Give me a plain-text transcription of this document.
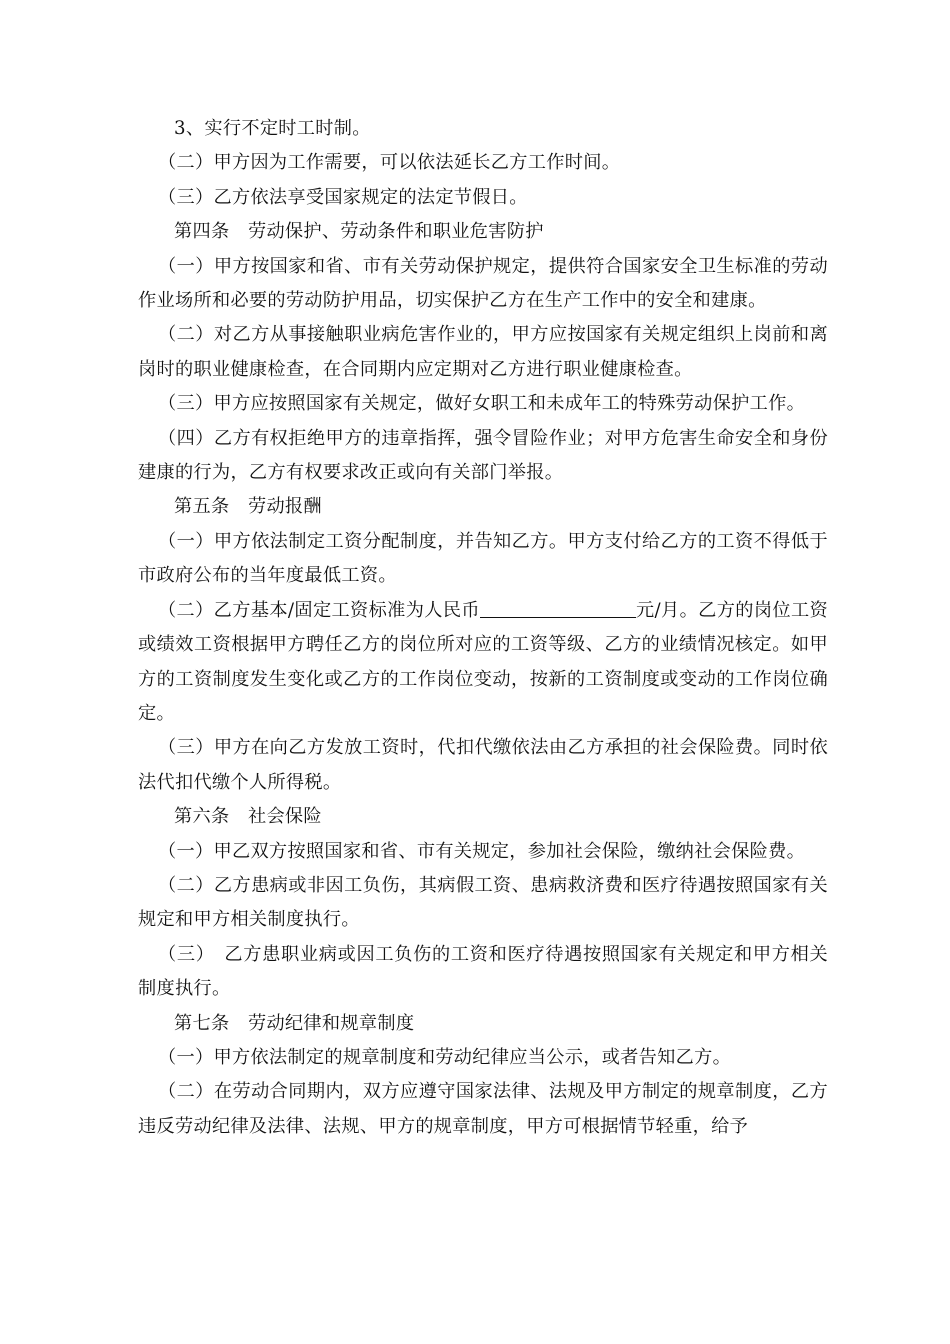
3、实行不定时工时制。

（二）甲方因为工作需要，可以依法延长乙方工作时间。

（三）乙方依法享受国家规定的法定节假日。

第四条　劳动保护、劳动条件和职业危害防护

（一）甲方按国家和省、市有关劳动保护规定，提供符合国家安全卫生标准的劳动作业场所和必要的劳动防护用品，切实保护乙方在生产工作中的安全和建康。

（二）对乙方从事接触职业病危害作业的，甲方应按国家有关规定组织上岗前和离岗时的职业健康检查，在合同期内应定期对乙方进行职业健康检查。

（三）甲方应按照国家有关规定，做好女职工和未成年工的特殊劳动保护工作。

（四）乙方有权拒绝甲方的违章指挥，强令冒险作业；对甲方危害生命安全和身份建康的行为，乙方有权要求改正或向有关部门举报。

第五条　劳动报酬

（一）甲方依法制定工资分配制度，并告知乙方。甲方支付给乙方的工资不得低于市政府公布的当年度最低工资。

（二）乙方基本/固定工资标准为人民币	元/月。乙方的岗位工资或绩效工资根据甲方聘任乙方的岗位所对应的工资等级、乙方的业绩情况核定。如甲方的工资制度发生变化或乙方的工作岗位变动，按新的工资制度或变动的工作岗位确定。

（三）甲方在向乙方发放工资时，代扣代缴依法由乙方承担的社会保险费。同时依法代扣代缴个人所得税。

第六条　社会保险

（一）甲乙双方按照国家和省、市有关规定，参加社会保险，缴纳社会保险费。

（二）乙方患病或非因工负伤，其病假工资、患病救济费和医疗待遇按照国家有关规定和甲方相关制度执行。

（三）　乙方患职业病或因工负伤的工资和医疗待遇按照国家有关规定和甲方相关制度执行。

第七条　劳动纪律和规章制度

（一）甲方依法制定的规章制度和劳动纪律应当公示，或者告知乙方。

（二）在劳动合同期内，双方应遵守国家法律、法规及甲方制定的规章制度，乙方违反劳动纪律及法律、法规、甲方的规章制度，甲方可根据情节轻重，给予
